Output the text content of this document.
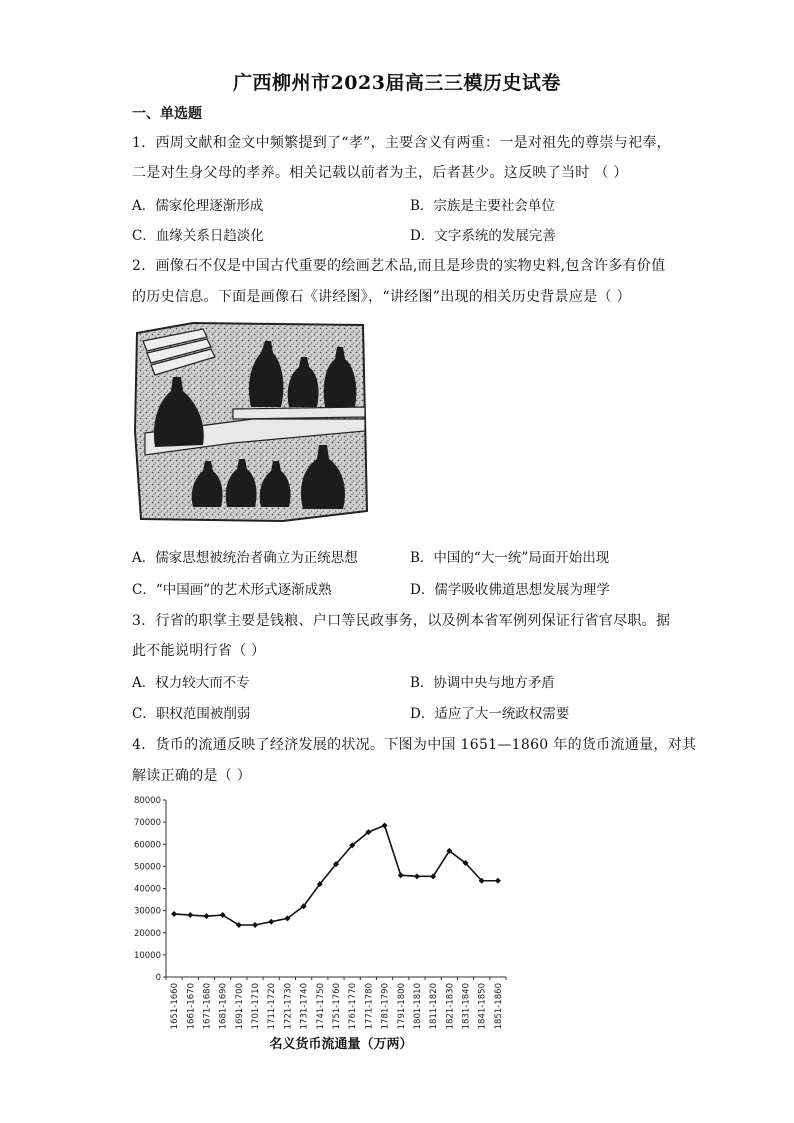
广西柳州市2023届高三三模历史试卷
一、单选题
1．西周文献和金文中频繁提到了“孝”，主要含义有两重：一是对祖先的尊崇与祀奉，
二是对生身父母的孝养。相关记载以前者为主，后者甚少。这反映了当时 （ ）
A．儒家伦理逐渐形成	B．宗族是主要社会单位
C．血缘关系日趋淡化	D．文字系统的发展完善
2．画像石不仅是中国古代重要的绘画艺术品,而且是珍贵的实物史料,包含许多有价值
的历史信息。下面是画像石《讲经图》，“讲经图”出现的相关历史背景应是（ ）
A．儒家思想被统治者确立为正统思想	B．中国的“大一统”局面开始出现
C．“中国画”的艺术形式逐渐成熟	D．儒学吸收佛道思想发展为理学
3．行省的职掌主要是钱粮、户口等民政事务，以及例本省军例列保证行省官尽职。据
此不能说明行省（ ）
A．权力较大而不专	B．协调中央与地方矛盾
C．职权范围被削弱	D．适应了大一统政权需要
4．货币的流通反映了经济发展的状况。下图为中国 1651—1860 年的货币流通量，对其
解读正确的是（ ）
0
10000
20000
30000
40000
50000
60000
70000
80000
1651-1660 1661-1670 1671-1680 1681-1690 1691-1700 1701-1710 1711-1720 1721-1730 1731-1740 1741-1750 1751-1760 1761-1770 1771-1780 1781-1790 1791-1800 1801-1810 1811-1820 1821-1830 1831-1840 1841-1850 1851-1860
名义货币流通量（万两）
